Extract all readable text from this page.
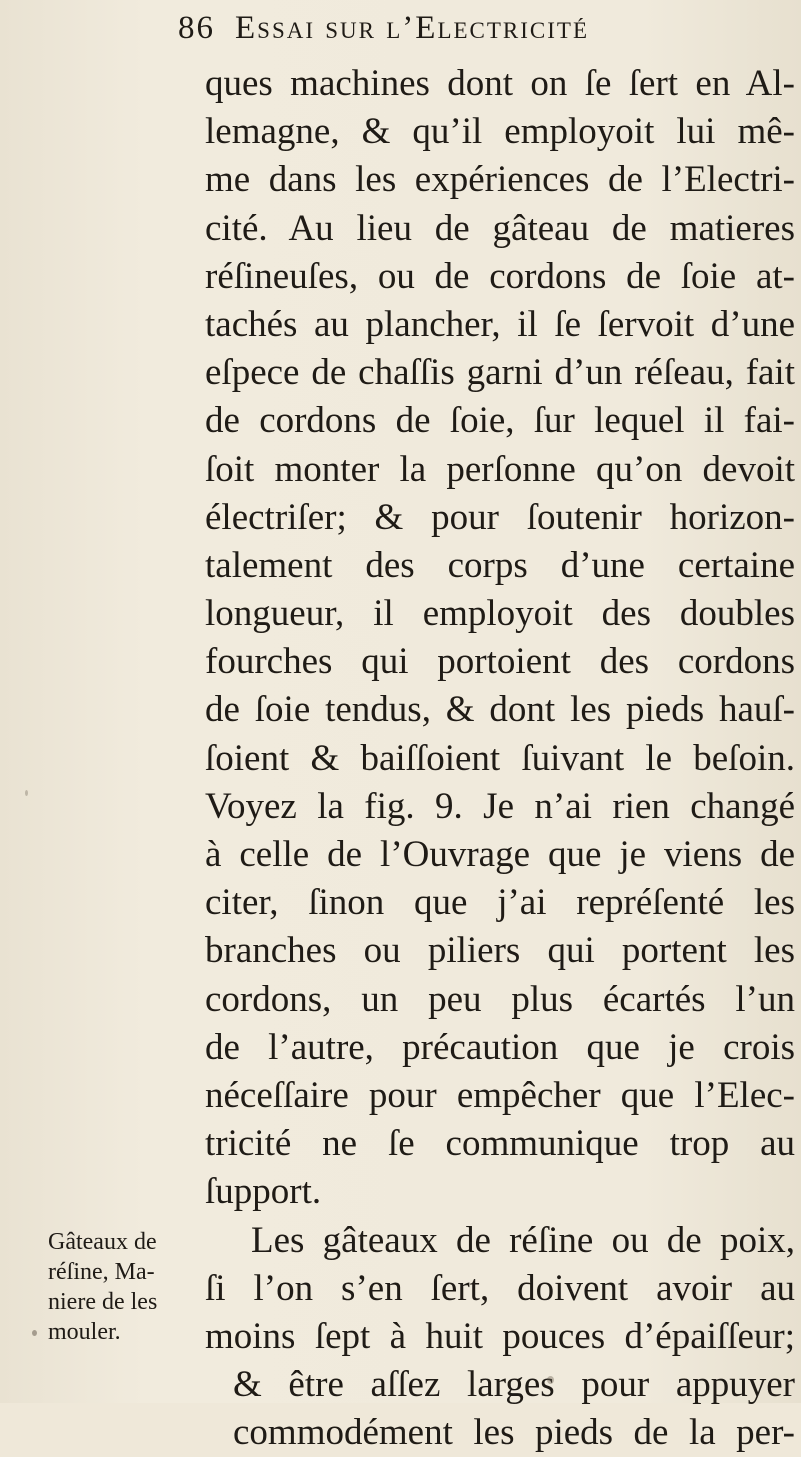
86 Essai sur l’Electricité
ques machines dont on ſe ſert en Al-
lemagne, & qu’il employoit lui mê-
me dans les expériences de l’Electri-
cité. Au lieu de gâteau de matieres
réſineuſes, ou de cordons de ſoie at-
tachés au plancher, il ſe ſervoit d’une
eſpece de chaſſis garni d’un réſeau, fait
de cordons de ſoie, ſur lequel il fai-
ſoit monter la perſonne qu’on devoit
électriſer; & pour ſoutenir horizon-
talement des corps d’une certaine
longueur, il employoit des doubles
fourches qui portoient des cordons
de ſoie tendus, & dont les pieds hauſ-
ſoient & baiſſoient ſuivant le beſoin.
Voyez la fig. 9. Je n’ai rien changé
à celle de l’Ouvrage que je viens de
citer, ſinon que j’ai repréſenté les
branches ou piliers qui portent les
cordons, un peu plus écartés l’un
de l’autre, précaution que je crois
néceſſaire pour empêcher que l’Elec-
tricité ne ſe communique trop au
ſupport.
Les gâteaux de réſine ou de poix,
ſi l’on s’en ſert, doivent avoir au
moins ſept à huit pouces d’épaiſſeur;
& être aſſez larges pour appuyer
commodément les pieds de la per-
Gâteaux de
réſine, Ma-
niere de les
mouler.
